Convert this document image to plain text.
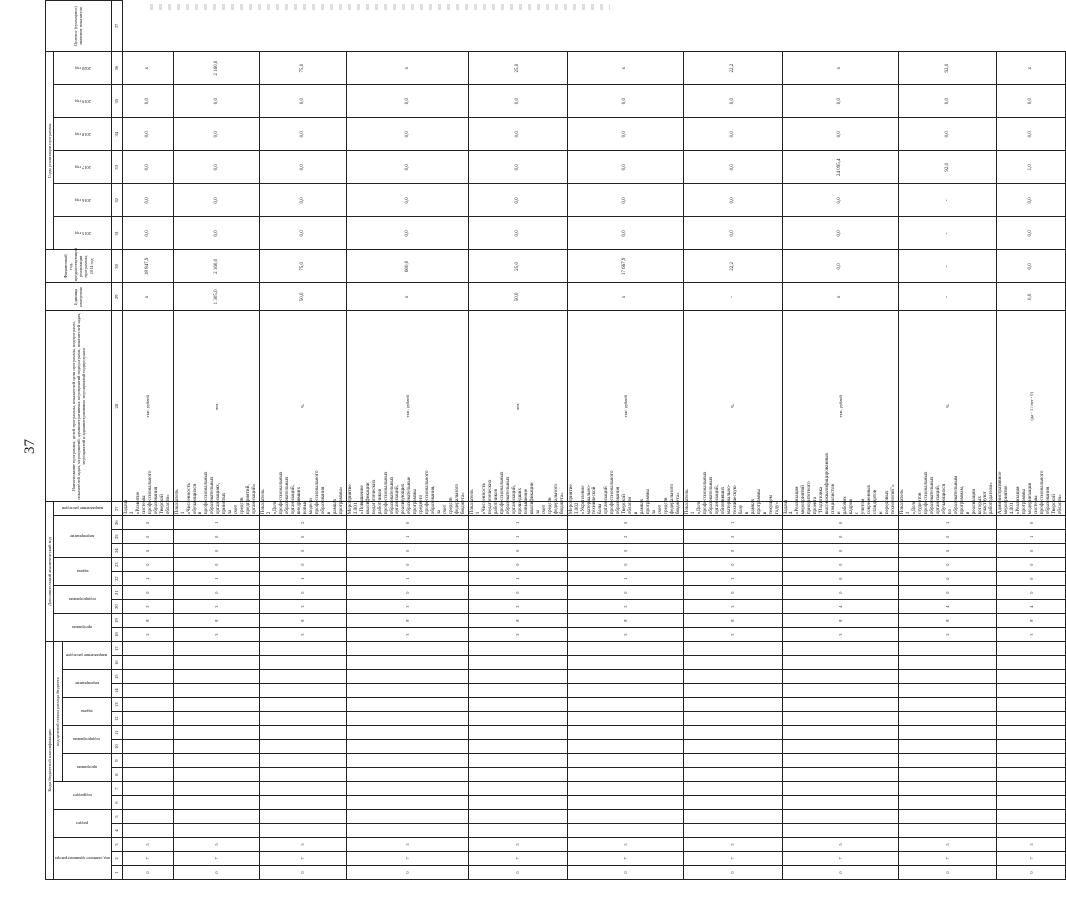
37
Коды бюджетной классификации																	Дополнительный аналитический код										Наименование программы, целей программы, показателей цели программы, подпрограмм, показателей задач, мероприятий, административных мероприятий подпрограмм, показателей задач, мероприятий и административных мероприятий подпрограмм	Единица измерения	Финансовый год, предшествующий реализации программы, 2014 год	Годы реализации программы						Целевое (суммарное) значение показателя

код главного администратора			раздел		подраздел		код целевой статьи расхода бюджета										программа		подпрограмма		задача		мероприятие			направление расходов				2015 год	2016 год	2017 год	2018 год	2019 год	2020 год	

							программа		подпрограмма		задача		мероприятие		направление расходов																					

1	2	3	4	5	6	7	8	9	10	11	12	13	14	15	16	17	18	19	20	21	22	23	24	25	26	27	28	29	30	31	32	33	34	35	36	37
0	7	5															3	8	3	0	1	0	0	0	0	Задача 3 «Развитие системы профессионального образования Тверской области»	тыс. рублей	х	18 847,9	0,0	0,0	0,0	0,0	0,0	х	
0	7	5															3	8	3	0	1	0	0	0	1	Показатель 1 «Численность обучающихся в профессиональных образовательных организациях, принятых за счет средств предприятий, организаций»	чел.	1 305,0	2 160,0	0,0	0,0	0,0	0,0	0,0	2 160,0	
0	7	5															3	8	3	0	1	0	0	0	2	Показатель 2 «Доля профессиональных образовательных организаций, внедривших новые модели профессионального образования в рамках программы»	%	50,0	75,0	0,0	0,0	0,0	0,0	0,0	75,0	
0	7	5															3	8	3	0	1	0	0	1	0	Мероприятие 3.001 «Повышение квалификации педагогических работников профессиональных образовательных организаций, реализующих образовательные программы среднего профессионального образования, за счет средств федерального бюджета»	тыс. рублей	х	600,0	0,0	0,0	0,0	0,0	0,0	х	
0	7	5															3	8	3	0	1	0	0	1	1	Показатель 1 «Численность педагогических работников профессиональных образовательных организаций, прошедших повышение квалификации за счет средств федерального бюджета»	чел.	50,0	25,0	0,0	0,0	0,0	0,0	0,0	25,0	
0	7	5															3	8	3	0	1	0	0	2	0	Мероприятие 3.002 «Укрепление материально-технической базы организаций профессионального образования Тверской области в рамках программы за счет средств федерального бюджета»	тыс. рублей	х	17 667,9	0,0	0,0	0,0	0,0	0,0	х	
0	7	5															3	8	3	0	1	0	0	2	1	Показатель 1 «Доля профессиональных образовательных организаций, обновивших материально-техническую базу в рамках программы в текущем году»	%	-	22,2	0,0	0,0	0,0	0,0	0,0	22,2	
0	7	5															3	8	4	0	0	0	0	0	0	Задача 4 «Реализация мероприятий приоритетного проекта "Подготовка высококвалифицированных специалистов и рабочих кадров с учетом современных стандартов и передовых технологий"»	тыс. рублей	х	0,0	0,0	0,0	24 095,4	0,0	0,0	х	
0	7	5															3	8	4	0	0	0	0	0	1	Показатель 1 «Доля студентов профессиональных образовательных организаций, обучающихся по образовательным программам, в реализации которых участвуют работодатели»	%	-	-	-	-	92,0	0,0	0,0	92,0	
0	7	5															3	8	4	0	0	0	0	1	0	Административное мероприятие 4.001 «Реализация программы модернизации системы профессионального образования Тверской области»	(да - 1 / нет - 0)	0,0	0,0	0,0	0,0	1,0	0,0	0,0	х	
